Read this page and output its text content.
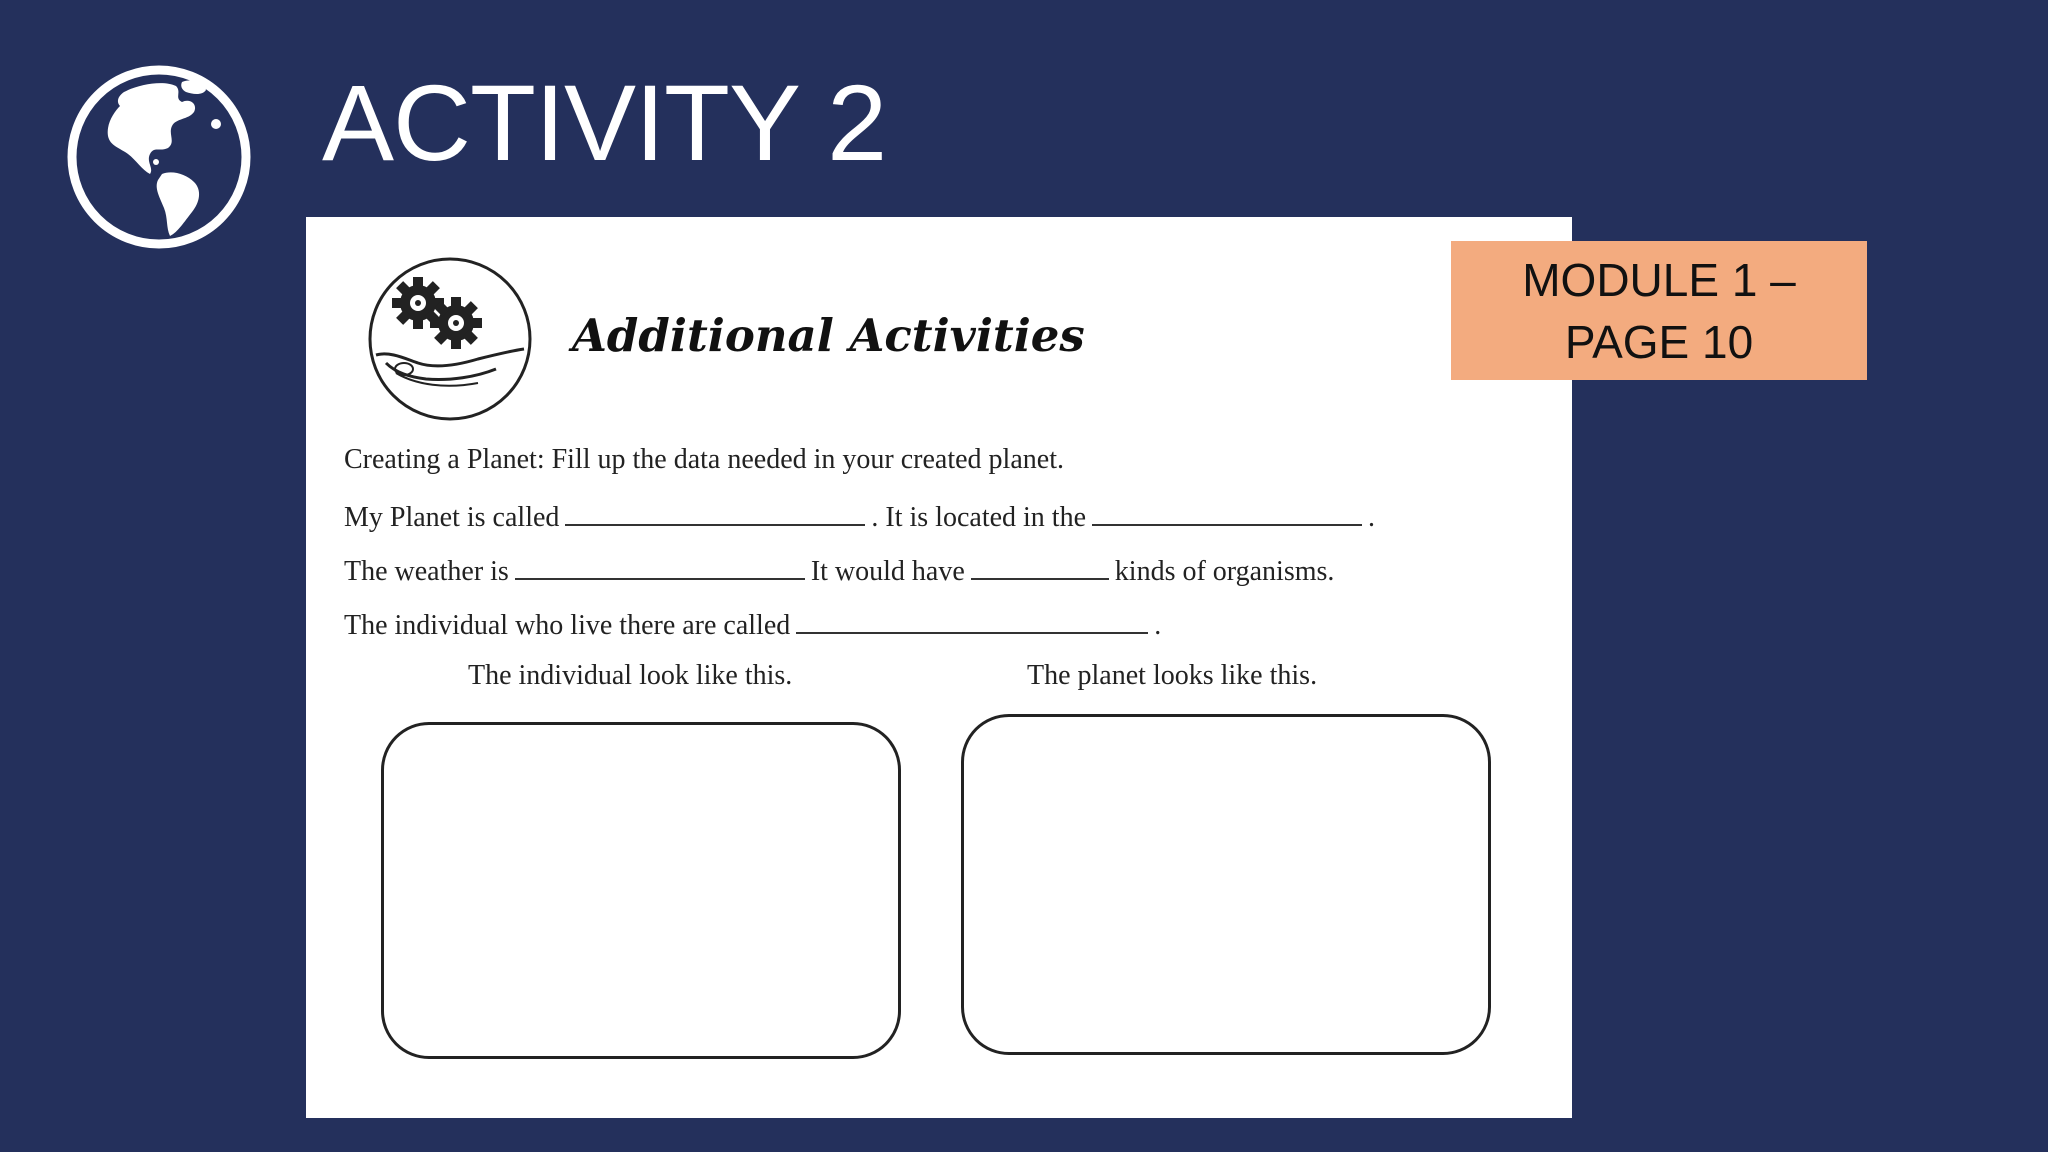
ACTIVITY 2
Additional Activities
Creating a Planet: Fill up the data needed in your created planet.
My Planet is called	. It is located in the	.
The weather is	It would have	kinds of organisms.
The individual who live there are called	.
The individual look like this.	The planet looks like this.
MODULE 1 – PAGE 10
